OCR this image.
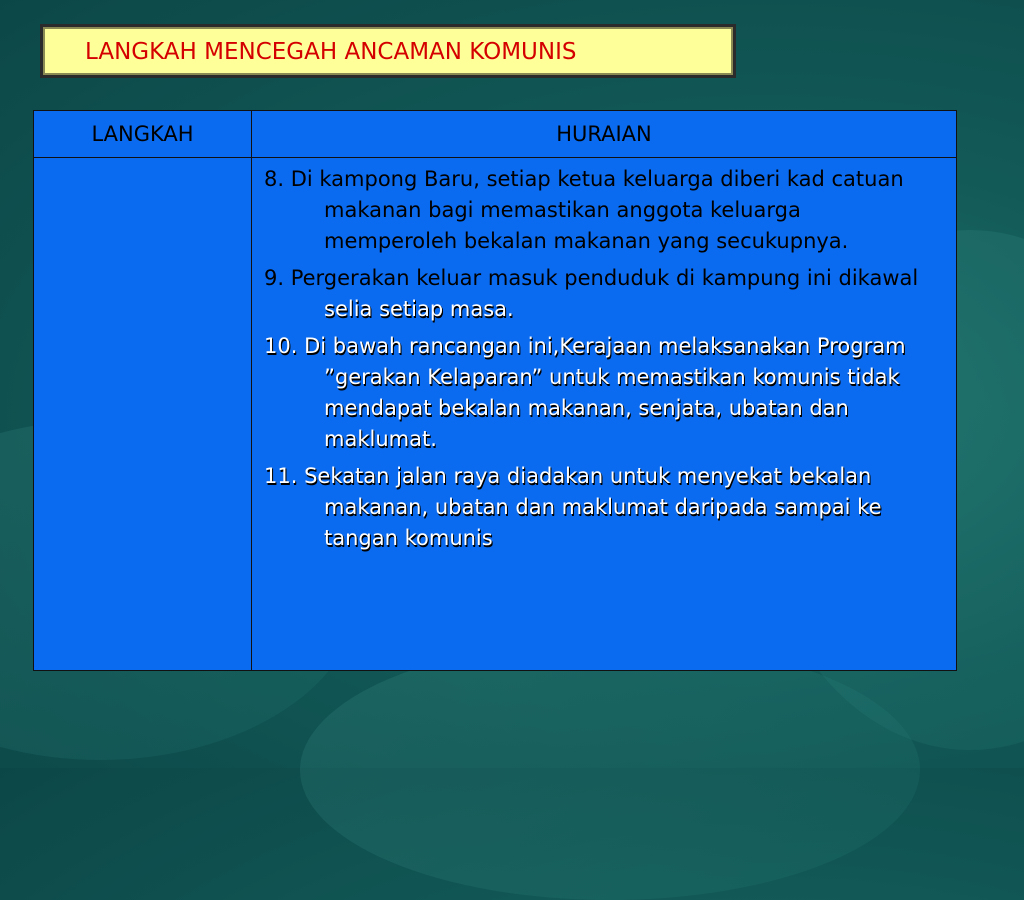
LANGKAH MENCEGAH ANCAMAN KOMUNIS
LANGKAH	HURAIAN

	8. Di kampong Baru, setiap ketua keluarga diberi kad catuan makanan bagi memastikan anggota keluarga memperoleh bekalan makanan yang secukupnya.

9. Pergerakan keluar masuk penduduk di kampung ini dikawal selia setiap masa.

10. Di bawah rancangan ini,Kerajaan melaksanakan Program ”gerakan Kelaparan” untuk memastikan komunis tidak mendapat bekalan makanan, senjata, ubatan dan maklumat.

11. Sekatan jalan raya diadakan untuk menyekat bekalan makanan, ubatan dan maklumat daripada sampai ke tangan komunis
